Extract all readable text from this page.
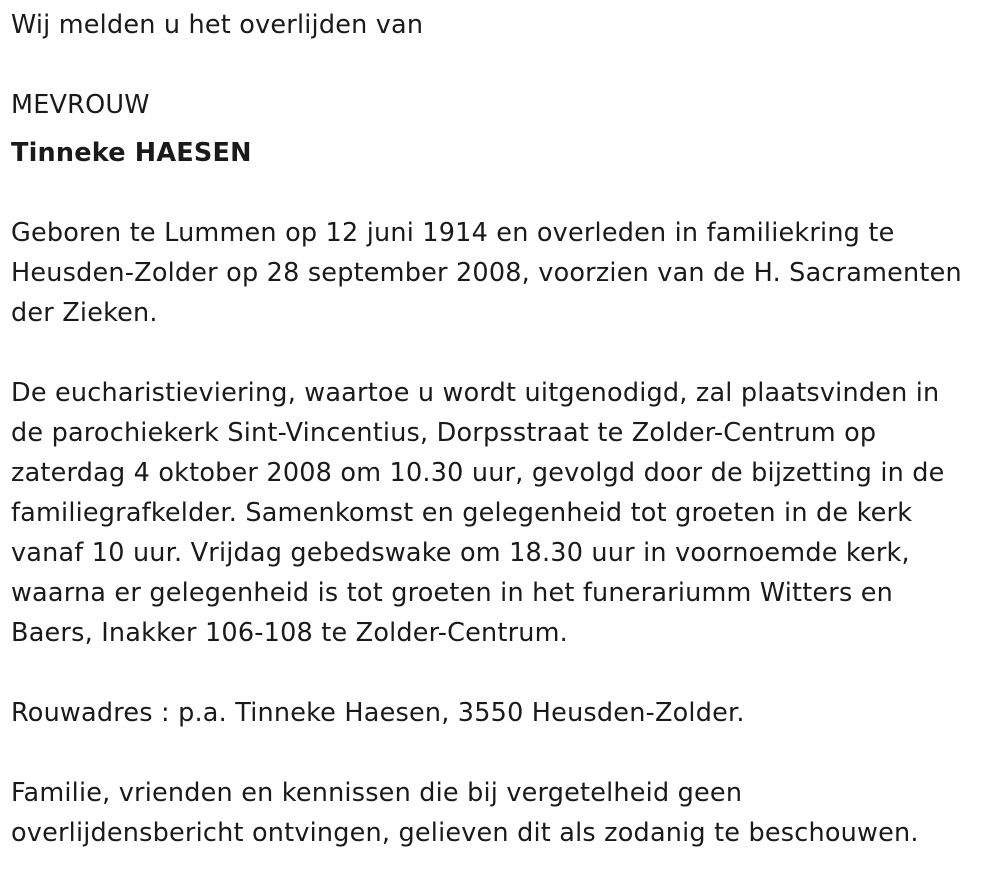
Wij melden u het overlijden van

MEVROUW

Tinneke HAESEN

Geboren te Lummen op 12 juni 1914 en overleden in familiekring te

Heusden-Zolder op 28 september 2008, voorzien van de H. Sacramenten

der Zieken.

De eucharistieviering, waartoe u wordt uitgenodigd, zal plaatsvinden in

de parochiekerk Sint-Vincentius, Dorpsstraat te Zolder-Centrum op

zaterdag 4 oktober 2008 om 10.30 uur, gevolgd door de bijzetting in de

familiegrafkelder. Samenkomst en gelegenheid tot groeten in de kerk

vanaf 10 uur. Vrijdag gebedswake om 18.30 uur in voornoemde kerk,

waarna er gelegenheid is tot groeten in het funerariumm Witters en

Baers, Inakker 106-108 te Zolder-Centrum.

Rouwadres : p.a. Tinneke Haesen, 3550 Heusden-Zolder.

Familie, vrienden en kennissen die bij vergetelheid geen

overlijdensbericht ontvingen, gelieven dit als zodanig te beschouwen.
